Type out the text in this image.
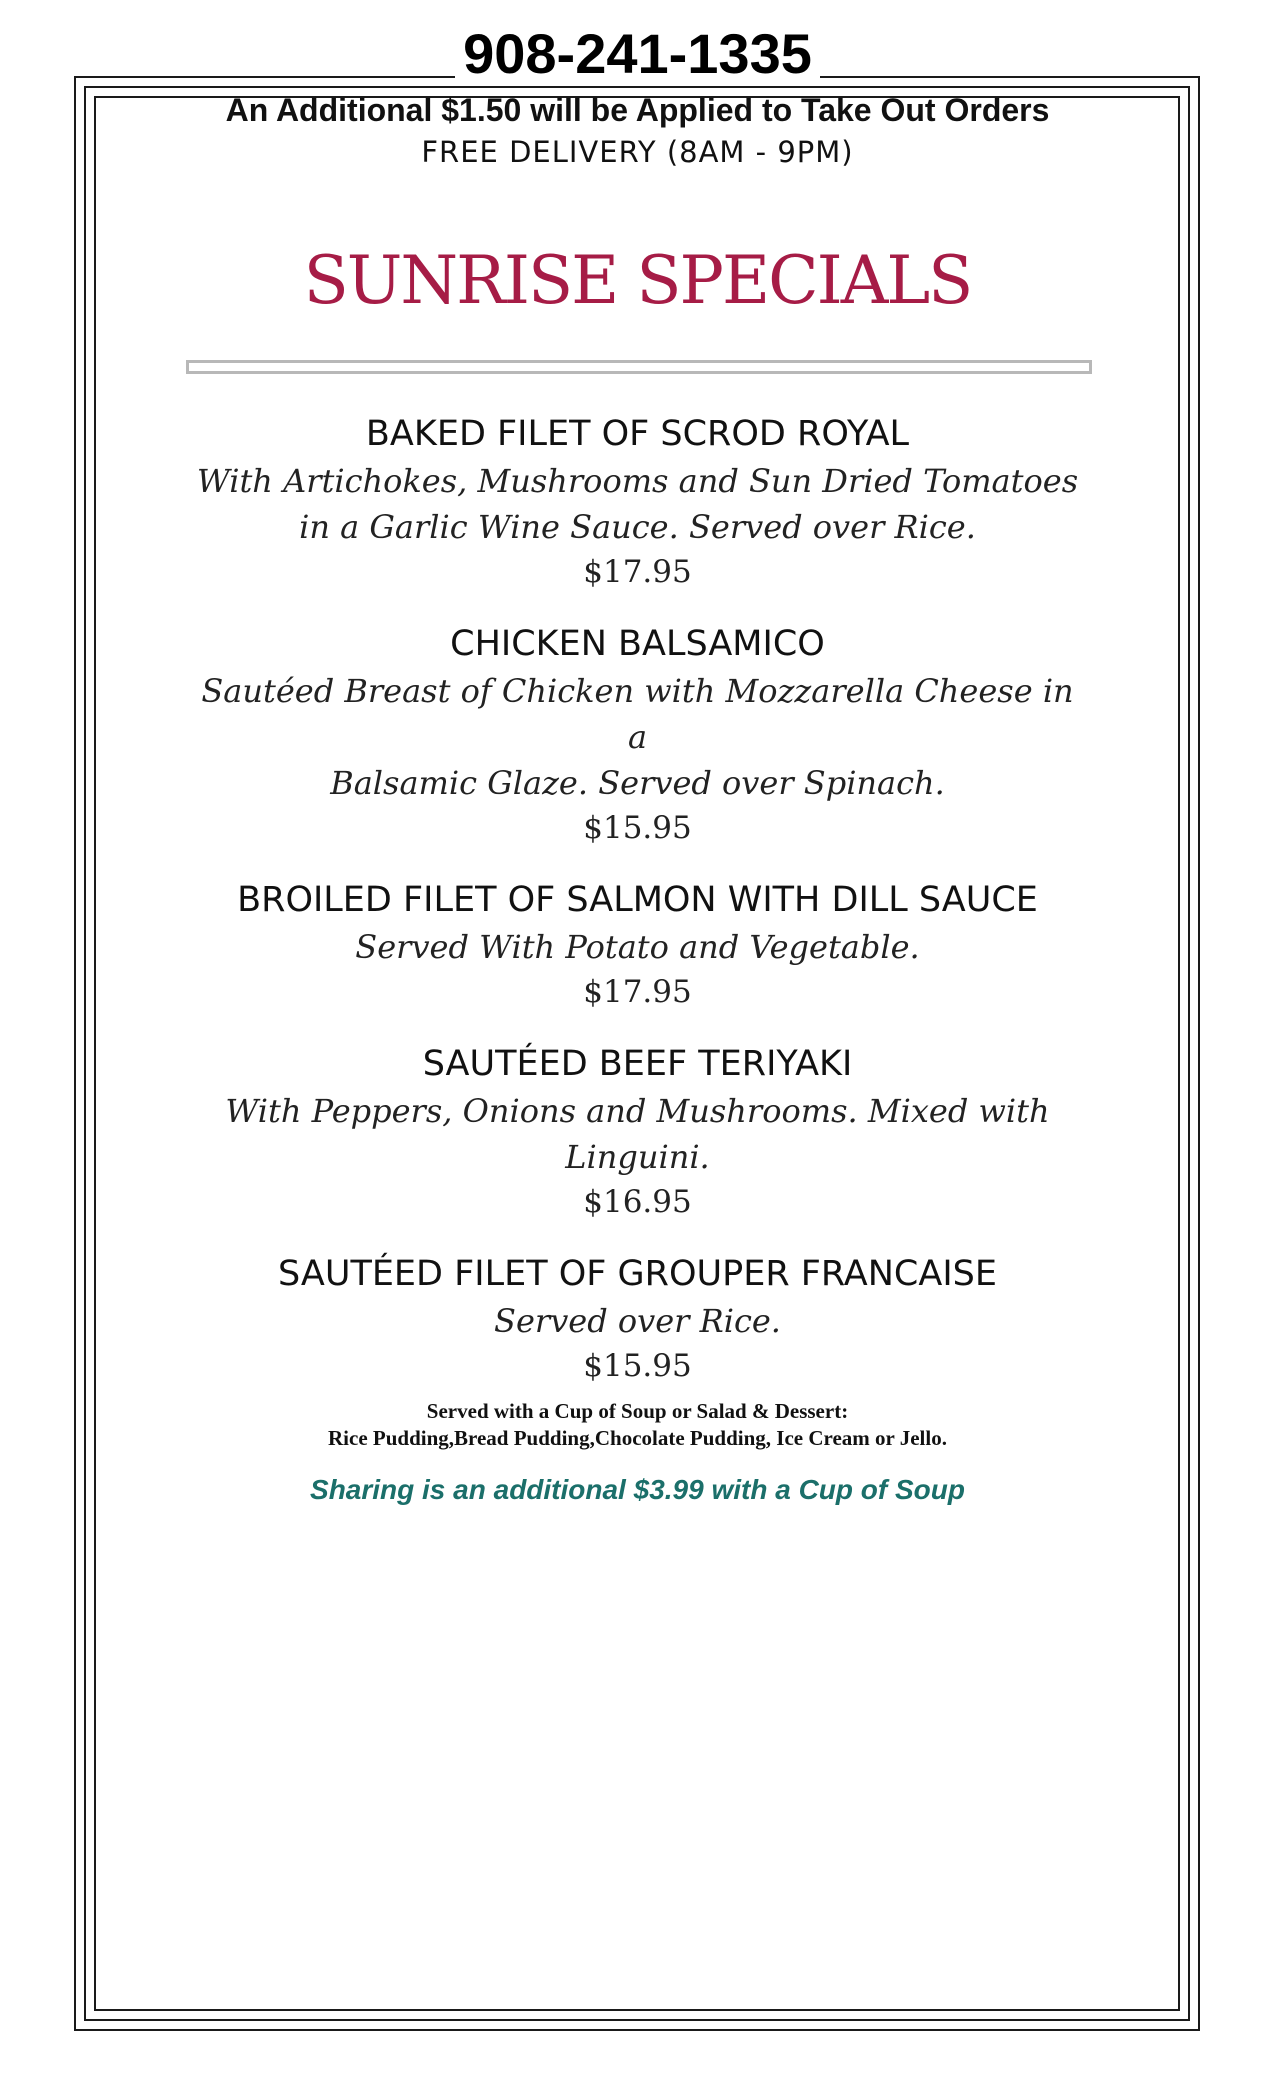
908-241-1335
An Additional $1.50 will be Applied to Take Out Orders
FREE DELIVERY (8AM - 9PM)
SUNRISE SPECIALS
BAKED FILET OF SCROD ROYAL
With Artichokes, Mushrooms and Sun Dried Tomatoes
in a Garlic Wine Sauce. Served over Rice.
$17.95
CHICKEN BALSAMICO
Sautéed Breast of Chicken with Mozzarella Cheese in a
Balsamic Glaze. Served over Spinach.
$15.95
BROILED FILET OF SALMON WITH DILL SAUCE
Served With Potato and Vegetable.
$17.95
SAUTÉED BEEF TERIYAKI
With Peppers, Onions and Mushrooms. Mixed with
Linguini.
$16.95
SAUTÉED FILET OF GROUPER FRANCAISE
Served over Rice.
$15.95
Served with a Cup of Soup or Salad & Dessert:
Rice Pudding,Bread Pudding,Chocolate Pudding, Ice Cream or Jello.
Sharing is an additional $3.99 with a Cup of Soup
